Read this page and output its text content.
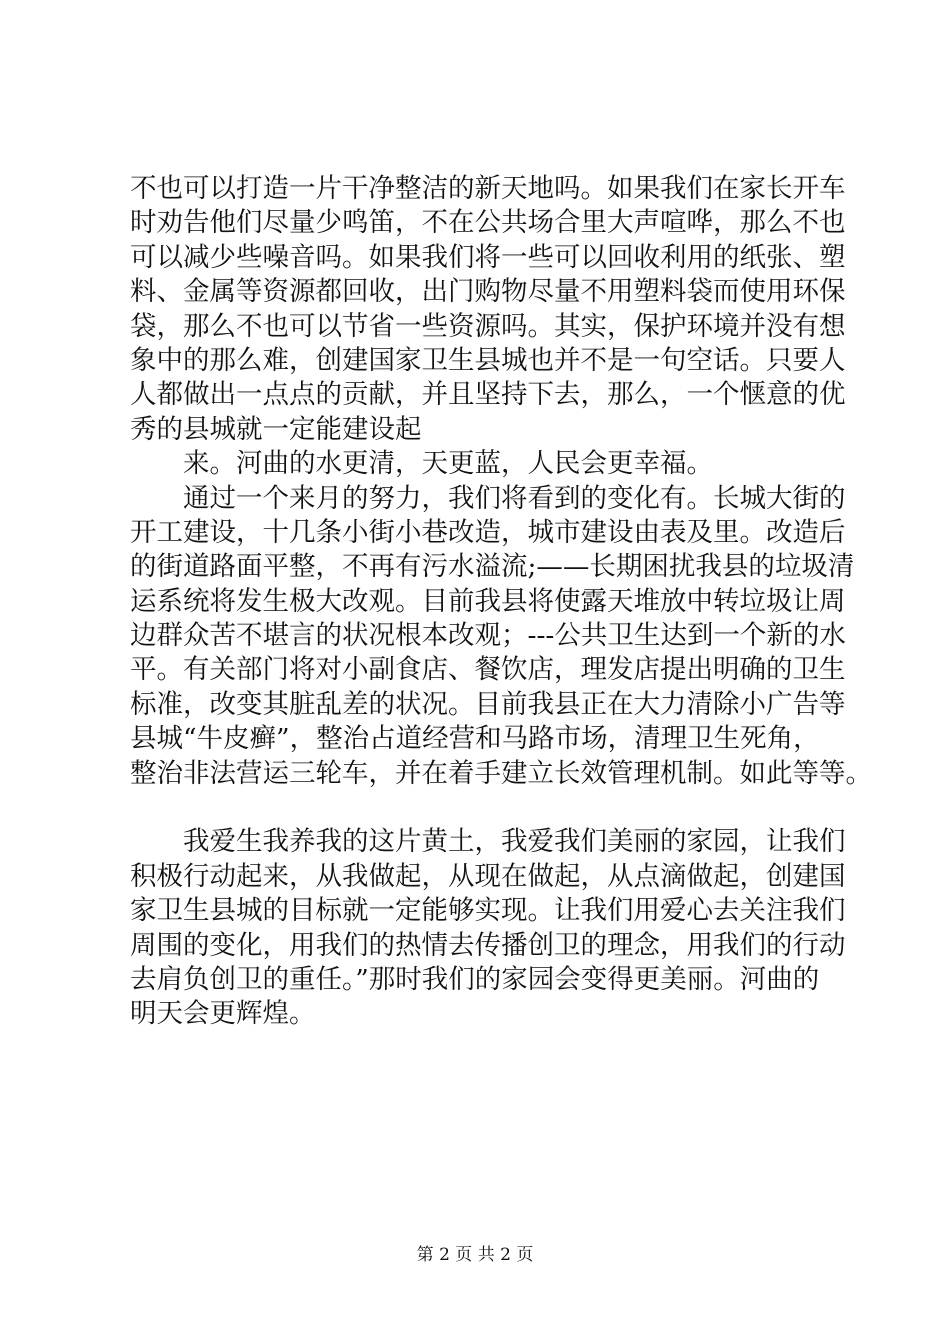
不也可以打造一片干净整洁的新天地吗。如果我们在家长开车
时劝告他们尽量少鸣笛，不在公共场合里大声喧哗，那么不也
可以减少些噪音吗。如果我们将一些可以回收利用的纸张、塑
料、金属等资源都回收，出门购物尽量不用塑料袋而使用环保
袋，那么不也可以节省一些资源吗。其实，保护环境并没有想
象中的那么难，创建国家卫生县城也并不是一句空话。只要人
人都做出一点点的贡献，并且坚持下去，那么，一个惬意的优
秀的县城就一定能建设起
　　来。河曲的水更清，天更蓝，人民会更幸福。
　　通过一个来月的努力，我们将看到的变化有。长城大街的
开工建设，十几条小街小巷改造，城市建设由表及里。改造后
的街道路面平整，不再有污水溢流;——长期困扰我县的垃圾清
运系统将发生极大改观。目前我县将使露天堆放中转垃圾让周
边群众苦不堪言的状况根本改观；---公共卫生达到一个新的水
平。有关部门将对小副食店、餐饮店，理发店提出明确的卫生
标准，改变其脏乱差的状况。目前我县正在大力清除小广告等
县城“牛皮癣”，整治占道经营和马路市场，清理卫生死角，
整治非法营运三轮车，并在着手建立长效管理机制。如此等等。
　　我爱生我养我的这片黄土，我爱我们美丽的家园，让我们
积极行动起来，从我做起，从现在做起，从点滴做起，创建国
家卫生县城的目标就一定能够实现。让我们用爱心去关注我们
周围的变化，用我们的热情去传播创卫的理念，用我们的行动
去肩负创卫的重任。”那时我们的家园会变得更美丽。河曲的
明天会更辉煌。
第 2 页 共 2 页
